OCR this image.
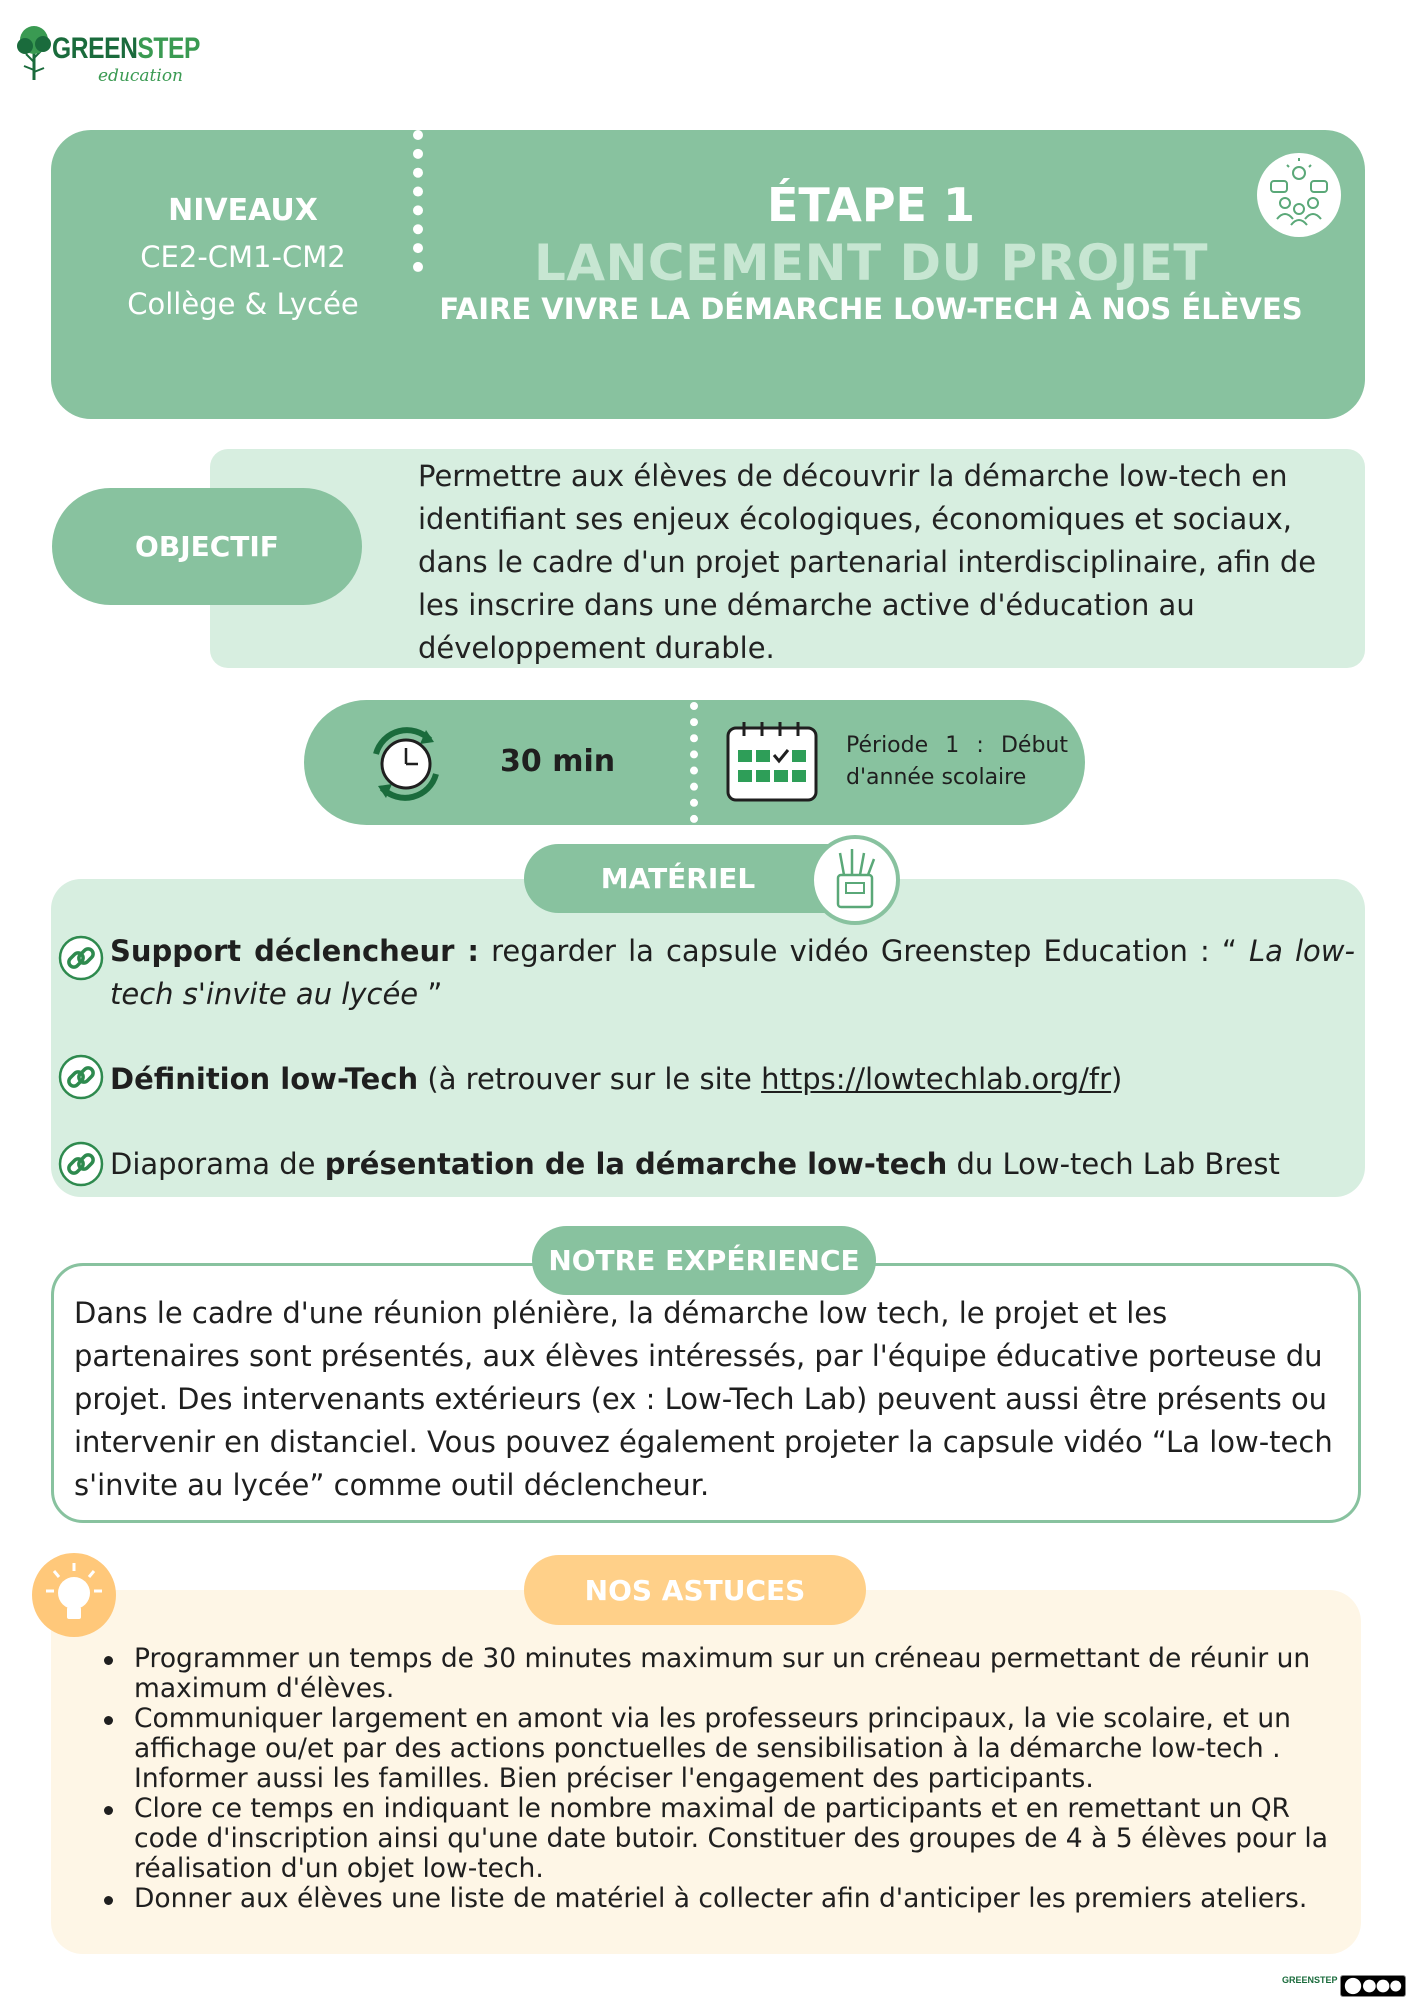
GREENSTEP
education
NIVEAUX
CE2-CM1-CM2
Collège & Lycée
ÉTAPE 1
LANCEMENT DU PROJET
FAIRE VIVRE LA DÉMARCHE LOW-TECH À NOS ÉLÈVES
OBJECTIF
Permettre aux élèves de découvrir la démarche low-tech en identifiant ses enjeux écologiques, économiques et sociaux, dans le cadre d'un projet partenarial interdisciplinaire, afin de les inscrire dans une démarche active d'éducation au développement durable.
30 min	Période 1 : Début
d'année scolaire
MATÉRIEL
Support déclencheur : regarder la capsule vidéo Greenstep Education : “ La low-tech s'invite au lycée ”
Définition low-Tech (à retrouver sur le site https://lowtechlab.org/fr)
Diaporama de présentation de la démarche low-tech du Low-tech Lab Brest
NOTRE EXPÉRIENCE
Dans le cadre d'une réunion plénière, la démarche low tech, le projet et les partenaires sont présentés, aux élèves intéressés, par l'équipe éducative porteuse du projet. Des intervenants extérieurs (ex : Low-Tech Lab) peuvent aussi être présents ou intervenir en distanciel. Vous pouvez également projeter la capsule vidéo “La low-tech s'invite au lycée” comme outil déclencheur.
NOS ASTUCES
Programmer un temps de 30 minutes maximum sur un créneau permettant de réunir un maximum d'élèves.
Communiquer largement en amont via les professeurs principaux, la vie scolaire, et un affichage ou/et par des actions ponctuelles de sensibilisation à la démarche low-tech . Informer aussi les familles. Bien préciser l'engagement des participants.
Clore ce temps en indiquant le nombre maximal de participants et en remettant un QR code d'inscription ainsi qu'une date butoir. Constituer des groupes de 4 à 5 élèves pour la réalisation d'un objet low-tech.
Donner aux élèves une liste de matériel à collecter afin d'anticiper les premiers ateliers.
GREENSTEP
